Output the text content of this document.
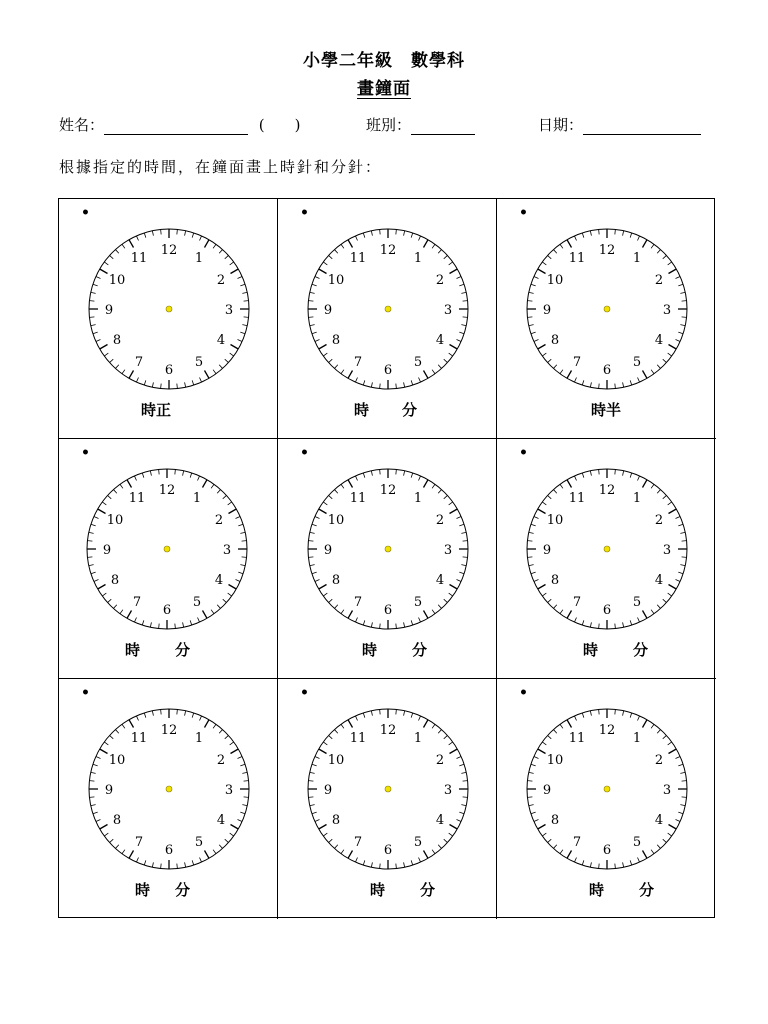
小學二年級　數學科
畫鐘面
姓名：	( )	班別：	日期：
根據指定的時間，在鐘面畫上時針和分針：
•
12
1
2
3
4
5
6
7
8
9
10
11
時正
•
12
1
2
3
4
5
6
7
8
9
10
11
時 分
•
12
1
2
3
4
5
6
7
8
9
10
11
時半
•
12
1
2
3
4
5
6
7
8
9
10
11
時 分
•
12
1
2
3
4
5
6
7
8
9
10
11
時 分
•
12
1
2
3
4
5
6
7
8
9
10
11
時 分
•
12
1
2
3
4
5
6
7
8
9
10
11
時 分
•
12
1
2
3
4
5
6
7
8
9
10
11
時 分
•
12
1
2
3
4
5
6
7
8
9
10
11
時 分
